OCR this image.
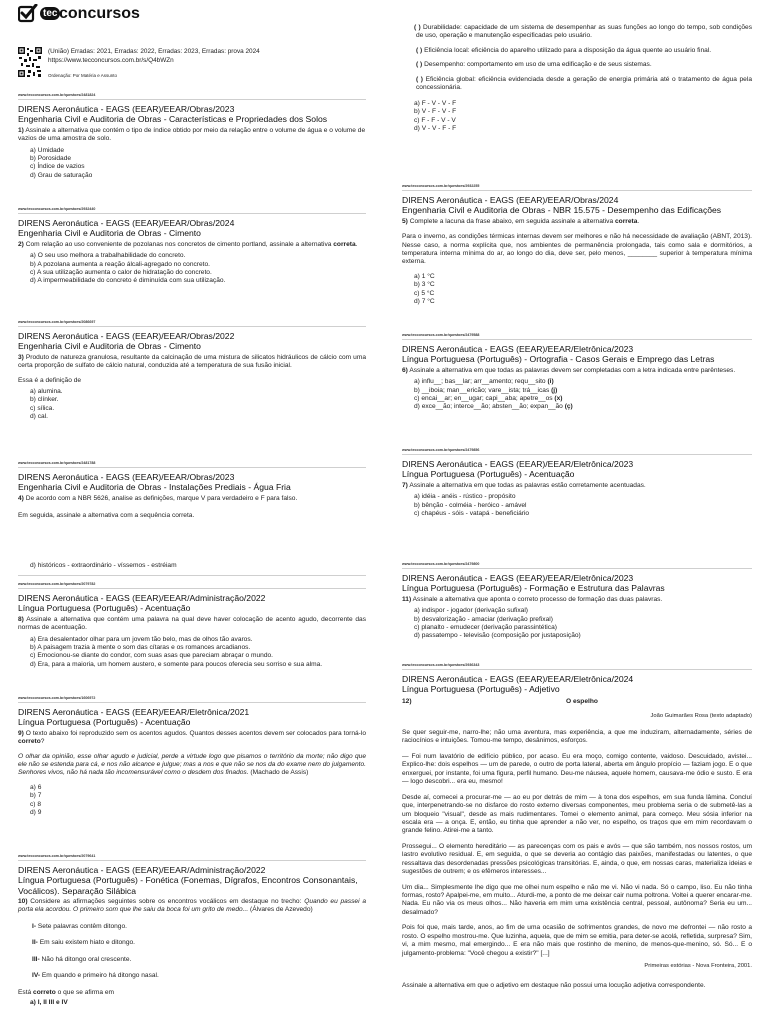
tec concursos
(União) Erradas: 2021, Erradas: 2022, Erradas: 2023, Erradas: prova 2024
https://www.tecconcursos.com.br/s/Q4bWZn
Ordenação: Por Matéria e Assunto
www.tecconcursos.com.br/questoes/2481824
DIRENS Aeronáutica - EAGS (EEAR)/EEAR/Obras/2023
Engenharia Civil e Auditoria de Obras - Características e Propriedades dos Solos

1) Assinale a alternativa que contém o tipo de índice obtido por meio da relação entre o volume de água e o volume de vazios de uma amostra de solo.

a) Umidade
b) Porosidade
c) Índice de vazios
d) Grau de saturação
www.tecconcursos.com.br/questoes/2932440
DIRENS Aeronáutica - EAGS (EEAR)/EEAR/Obras/2024
Engenharia Civil e Auditoria de Obras - Cimento

2) Com relação ao uso conveniente de pozolanas nos concretos de cimento portland, assinale a alternativa correta.

a) O seu uso melhora a trabalhabilidade do concreto.
b) A pozolana aumenta a reação álcali-agregado no concreto.
c) A sua utilização aumenta o calor de hidratação do concreto.
d) A impermeabilidade do concreto é diminuída com sua utilização.
www.tecconcursos.com.br/questoes/2086697
DIRENS Aeronáutica - EAGS (EEAR)/EEAR/Obras/2022
Engenharia Civil e Auditoria de Obras - Cimento

3) Produto de natureza granulosa, resultante da calcinação de uma mistura de silicatos hidráulicos de cálcio com uma certa proporção de sulfato de cálcio natural, conduzida até a temperatura de sua fusão inicial.

Essa é a definição de

a) alumina.
b) clínker.
c) sílica.
d) cal.
www.tecconcursos.com.br/questoes/2481788
DIRENS Aeronáutica - EAGS (EEAR)/EEAR/Obras/2023
Engenharia Civil e Auditoria de Obras - Instalações Prediais - Água Fria

4) De acordo com a NBR 5626, analise as definições, marque V para verdadeiro e F para falso.

Em seguida, assinale a alternativa com a sequência correta.

d) históricos - extraordinário - víssemos - estréiam
www.tecconcursos.com.br/questoes/2079782
DIRENS Aeronáutica - EAGS (EEAR)/EEAR/Administração/2022
Língua Portuguesa (Português) - Acentuação

8) Assinale a alternativa que contém uma palavra na qual deve haver colocação de acento agudo, decorrente das normas de acentuação.

a) Era desalentador olhar para um jovem tão belo, mas de olhos tão avaros.
b) A paisagem trazia à mente o som das cítaras e os romances arcadianos.
c) Emocionou-se diante do condor, com suas asas que pareciam abraçar o mundo.
d) Era, para a maioria, um homem austero, e somente para poucos oferecia seu sorriso e sua alma.
www.tecconcursos.com.br/questoes/1606972
DIRENS Aeronáutica - EAGS (EEAR)/EEAR/Eletrônica/2021
Língua Portuguesa (Português) - Acentuação

9) O texto abaixo foi reproduzido sem os acentos agudos. Quantos desses acentos devem ser colocados para torná-lo correto?

O olhar da opinião, esse olhar agudo e judicial, perde a virtude logo que pisamos o território da morte; não digo que ele não se estenda para cá, e nos não alcance e julgue; mas a nos e que não se nos da do exame nem do julgamento. Senhores vivos, não há nada tão incomensurável como o desdem dos finados. (Machado de Assis)

a) 6
b) 7
c) 8
d) 9
www.tecconcursos.com.br/questoes/2079641
DIRENS Aeronáutica - EAGS (EEAR)/EEAR/Administração/2022
Língua Portuguesa (Português) - Fonética (Fonemas, Dígrafos, Encontros Consonantais, Vocálicos). Separação Silábica

10) Considere as afirmações seguintes sobre os encontros vocálicos em destaque no trecho: Quando eu passei a porta ela acordou. O primeiro som que lhe saiu da boca foi um grito de medo... (Álvares de Azevedo)

I- Sete palavras contêm ditongo.

II- Em saiu existem hiato e ditongo.

III- Não há ditongo oral crescente.

IV- Em quando e primeiro há ditongo nasal.

Está correto o que se afirma em

a) I, II III e IV

( ) Durabilidade: capacidade de um sistema de desempenhar as suas funções ao longo do tempo, sob condições de uso, operação e manutenção especificadas pelo usuário.

( ) Eficiência local: eficiência do aparelho utilizado para a disposição da água quente ao usuário final.

( ) Desempenho: comportamento em uso de uma edificação e de seus sistemas.

( ) Eficiência global: eficiência evidenciada desde a geração de energia primária até o tratamento de água pela concessionária.

a) F - V - V - F
b) V - F - V - F
c) F - F - V - V
d) V - V - F - F
www.tecconcursos.com.br/questoes/2932255
DIRENS Aeronáutica - EAGS (EEAR)/EEAR/Obras/2024
Engenharia Civil e Auditoria de Obras - NBR 15.575 - Desempenho das Edificações

5) Complete a lacuna da frase abaixo, em seguida assinale a alternativa correta.

Para o inverno, as condições térmicas internas devem ser melhores e não há necessidade de avaliação (ABNT, 2013). Nesse caso, a norma explícita que, nos ambientes de permanência prolongada, tais como sala e dormitórios, a temperatura interna mínima do ar, ao longo do dia, deve ser, pelo menos, ________ superior à temperatura mínima externa.

a) 1 °C
b) 3 °C
c) 5 °C
d) 7 °C
www.tecconcursos.com.br/questoes/2479588
DIRENS Aeronáutica - EAGS (EEAR)/EEAR/Eletrônica/2023
Língua Portuguesa (Português) - Ortografia - Casos Gerais e Emprego das Letras

6) Assinale a alternativa em que todas as palavras devem ser completadas com a letra indicada entre parênteses.

a) influ__; bas__lar; arr__amento; requ__sito (i)
b) __iboia; man__ericão; vare__ista; trá__icas (j)
c) encai__ar; en__ugar; capi__aba; apetre__os (x)
d) exce__ão; interce__ão; absten__ão; expan__ão (ç)
www.tecconcursos.com.br/questoes/2479856
DIRENS Aeronáutica - EAGS (EEAR)/EEAR/Eletrônica/2023
Língua Portuguesa (Português) - Acentuação

7) Assinale a alternativa em que todas as palavras estão corretamente acentuadas.

a) idéia - anéis - rústico - propósito
b) bênção - colméia - heróico - amável
c) chapéus - sóis - vatapá - beneficiário
www.tecconcursos.com.br/questoes/2479800
DIRENS Aeronáutica - EAGS (EEAR)/EEAR/Eletrônica/2023
Língua Portuguesa (Português) - Formação e Estrutura das Palavras

11) Assinale a alternativa que aponta o correto processo de formação das duas palavras.

a) indispor - jogador (derivação sufixal)
b) desvalorização - amaciar (derivação prefixal)
c) planalto - emudecer (derivação parassintética)
d) passatempo - televisão (composição por justaposição)
www.tecconcursos.com.br/questoes/2936343
DIRENS Aeronáutica - EAGS (EEAR)/EEAR/Eletrônica/2024
Língua Portuguesa (Português) - Adjetivo
12)	O espelho

João Guimarães Rosa (texto adaptado)

Se quer seguir-me, narro-lhe; não uma aventura, mas experiência, a que me induziram, alternadamente, séries de raciocínios e intuições. Tomou-me tempo, desânimos, esforços.

— Foi num lavatório de edifício público, por acaso. Eu era moço, comigo contente, vaidoso. Descuidado, avistei... Explico-lhe: dois espelhos — um de parede, o outro de porta lateral, aberta em ângulo propício — faziam jogo. E o que enxerguei, por instante, foi uma figura, perfil humano. Deu-me náusea, aquele homem, causava-me ódio e susto. E era — logo descobri... era eu, mesmo!

Desde aí, comecei a procurar-me — ao eu por detrás de mim — à tona dos espelhos, em sua funda lâmina. Concluí que, interpenetrando-se no disfarce do rosto externo diversas componentes, meu problema seria o de submetê-las a um bloqueio "visual", desde as mais rudimentares. Tomei o elemento animal, para começo. Meu sósia inferior na escala era — a onça. E, então, eu tinha que aprender a não ver, no espelho, os traços que em mim recordavam o grande felino. Atirei-me a tanto.

Prossegui... O elemento hereditário — as parecenças com os pais e avós — que são também, nos nossos rostos, um lastro evolutivo residual. E, em seguida, o que se deveria ao contágio das paixões, manifestadas ou latentes, o que ressaltava das desordenadas pressões psicológicas transitórias. E, ainda, o que, em nossas caras, materializa ideias e sugestões de outrem; e os efêmeros interesses...

Um dia... Simplesmente lhe digo que me olhei num espelho e não me vi. Não vi nada. Só o campo, liso. Eu não tinha formas, rosto? Apalpei-me, em muito... Aturdi-me, a ponto de me deixar cair numa poltrona. Voltei a querer encarar-me. Nada. Eu não via os meus olhos... Não haveria em mim uma existência central, pessoal, autônoma? Seria eu um... desalmado?

Pois foi que, mais tarde, anos, ao fim de uma ocasião de sofrimentos grandes, de novo me defrontei — não rosto a rosto. O espelho mostrou-me. Que luzinha, aquela, que de mim se emitia, para deter-se acolá, refletida, surpresa? Sim, vi, a mim mesmo, mal emergindo... E era não mais que rostinho de menino, de menos-que-menino, só. Só... E o julgamento-problema: "Você chegou a existir?" [...]

Primeiras estórias - Nova Fronteira, 2001.

Assinale a alternativa em que o adjetivo em destaque não possui uma locução adjetiva correspondente.
